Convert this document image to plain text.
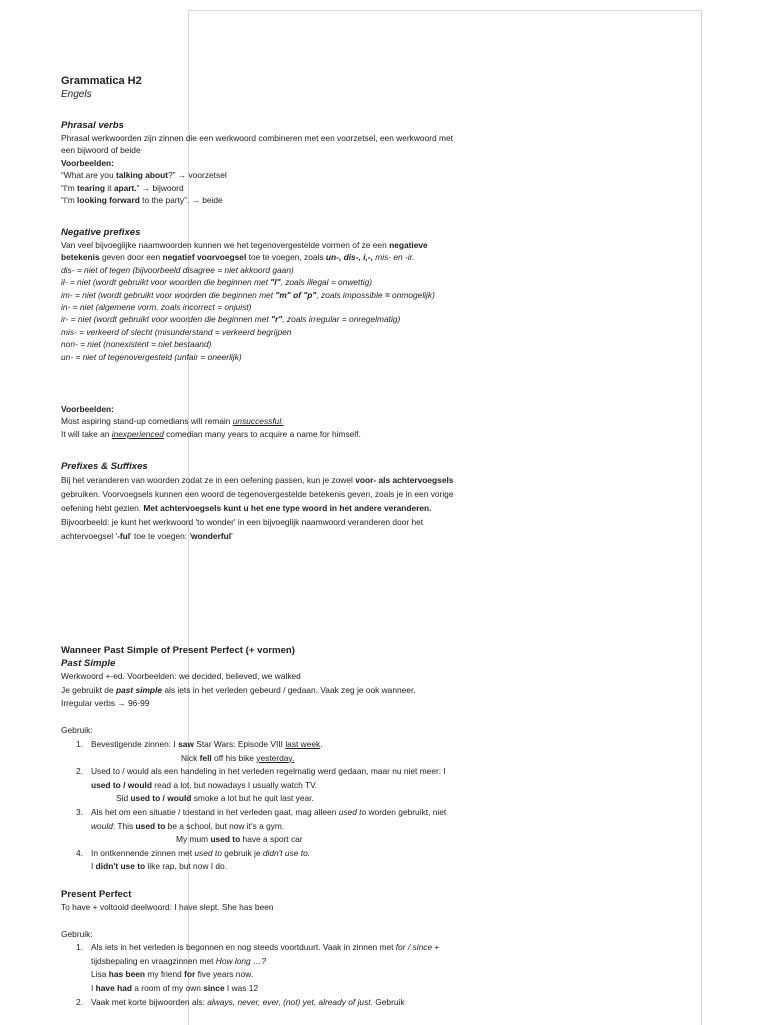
Grammatica H2
Engels
Phrasal verbs
Phrasal werkwoorden zijn zinnen die een werkwoord combineren met een voorzetsel, een werkwoord met een bijwoord of beide
Voorbeelden:
“What are you talking about?” → voorzetsel
“I'm tearing it apart.” → bijwoord
“I'm looking forward to the party”. → beide
Negative prefixes
Van veel bijvoeglijke naamwoorden kunnen we het tegenovergestelde vormen of ze een negatieve betekenis geven door een negatief voorvoegsel toe te voegen, zoals un-, dis-, i,-, mis- en -ir.
dis- = niet of tegen (bijvoorbeeld disagree = niet akkoord gaan)
il- = niet (wordt gebruikt voor woorden die beginnen met "l", zoals illegal = onwettig)
im- = niet (wordt gebruikt voor woorden die beginnen met "m" of "p", zoals impossible = onmogelijk)
in- = niet (algemene vorm, zoals incorrect = onjuist)
ir- = niet (wordt gebruikt voor woorden die beginnen met "r", zoals irregular = onregelmatig)
mis- = verkeerd of slecht (misunderstand = verkeerd begrijpen
non- = niet (nonexistent = niet bestaand)
un- = niet of tegenovergesteld (unfair = oneerlijk)
Voorbeelden:
Most aspiring stand-up comedians will remain unsuccessful.
It will take an inexperienced comedian many years to acquire a name for himself.
Prefixes & Suffixes
Bij het veranderen van woorden zodat ze in een oefening passen, kun je zowel voor- als achtervoegsels gebruiken. Voorvoegsels kunnen een woord de tegenovergestelde betekenis geven, zoals je in een vorige oefening hebt gezien. Met achtervoegsels kunt u het ene type woord in het andere veranderen. Bijvoorbeeld: je kunt het werkwoord 'to wonder' in een bijvoeglijk naamwoord veranderen door het achtervoegsel '-ful' toe te voegen: 'wonderful'
Wanneer Past Simple of Present Perfect (+ vormen)
Past Simple
Werkwoord +-ed. Voorbeelden: we decided, believed, we walked
Je gebruikt de past simple als iets in het verleden gebeurd / gedaan. Vaak zeg je ook wanneer.
Irregular verbs → 96-99
Gebruik:
1. Bevestigende zinnen: I saw Star Wars: Episode VIII last week.
Nick fell off his bike yesterday.
2. Used to / would als een handeling in het verleden regelmatig werd gedaan, maar nu niet meer: I used to / would read a lot, but nowadays I usually watch TV.
Sid used to / would smoke a lot but he quit last year.
3. Als het om een situatie / toestand in het verleden gaat, mag alleen used to worden gebruikt, niet would: This used to be a school, but now it's a gym.
My mum used to have a sport car
4. In ontkennende zinnen met used to gebruik je didn't use to.
I didn't use to like rap, but now I do.
Present Perfect
To have + voltooid deelwoord: I have slept. She has been
Gebruik:
1. Als iets in het verleden is begonnen en nog steeds voortduurt. Vaak in zinnen met for / since + tijdsbepaling en vraagzinnen met How long …?
Lisa has been my friend for five years now.
I have had a room of my own since I was 12
2. Vaak met korte bijwoorden als: always, never, ever, (not) yet, already of just. Gebruik
